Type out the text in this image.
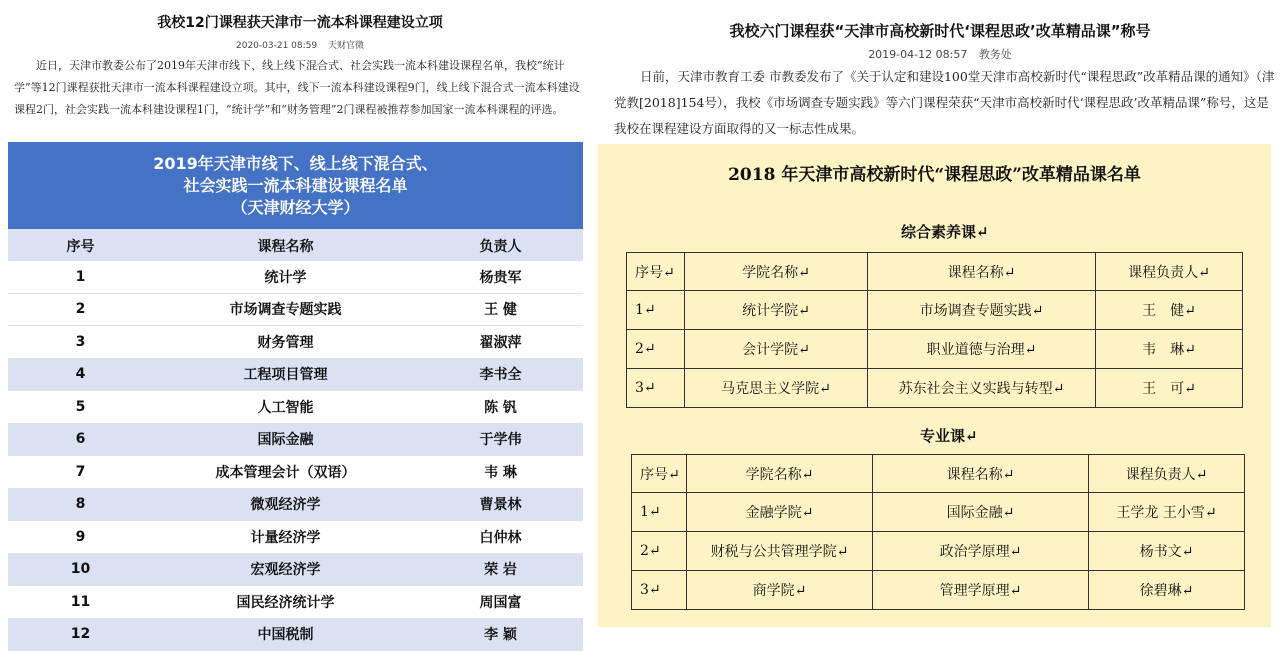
我校12门课程获天津市一流本科课程建设立项
2020-03-21 08:59 天财官微
近日，天津市教委公布了2019年天津市线下、线上线下混合式、社会实践一流本科建设课程名单，我校“统计学”等12门课程获批天津市一流本科课程建设立项。其中，线下一流本科建设课程9门，线上线下混合式一流本科建设课程2门，社会实践一流本科建设课程1门，“统计学”和“财务管理”2门课程被推荐参加国家一流本科课程的评选。
2019年天津市线下、线上线下混合式、
社会实践一流本科建设课程名单
（天津财经大学）		

序号	课程名称	负责人
1	统计学	杨贵军
2	市场调查专题实践	王 健
3	财务管理	翟淑萍
4	工程项目管理	李书全
5	人工智能	陈 钒
6	国际金融	于学伟
7	成本管理会计（双语）	韦 琳
8	微观经济学	曹景林
9	计量经济学	白仲林
10	宏观经济学	荣 岩
11	国民经济统计学	周国富
12	中国税制	李 颖
我校六门课程获“天津市高校新时代‘课程思政’改革精品课”称号
2019-04-12 08:57 教务处
日前，天津市教育工委 市教委发布了《关于认定和建设100堂天津市高校新时代“课程思政”改革精品课的通知》（津党教[2018]154号），我校《市场调查专题实践》等六门课程荣获“天津市高校新时代‘课程思政’改革精品课”称号，这是我校在课程建设方面取得的又一标志性成果。
2018 年天津市高校新时代“课程思政”改革精品课名单
综合素养课↵
序号↵	学院名称↵	课程名称↵	课程负责人↵
1↵	统计学院↵	市场调查专题实践↵	王　健↵
2↵	会计学院↵	职业道德与治理↵	韦　琳↵
3↵	马克思主义学院↵	苏东社会主义实践与转型↵	王　可↵
专业课↵
序号↵	学院名称↵	课程名称↵	课程负责人↵
1↵	金融学院↵	国际金融↵	王学龙 王小雪↵
2↵	财税与公共管理学院↵	政治学原理↵	杨书文↵
3↵	商学院↵	管理学原理↵	徐碧琳↵
